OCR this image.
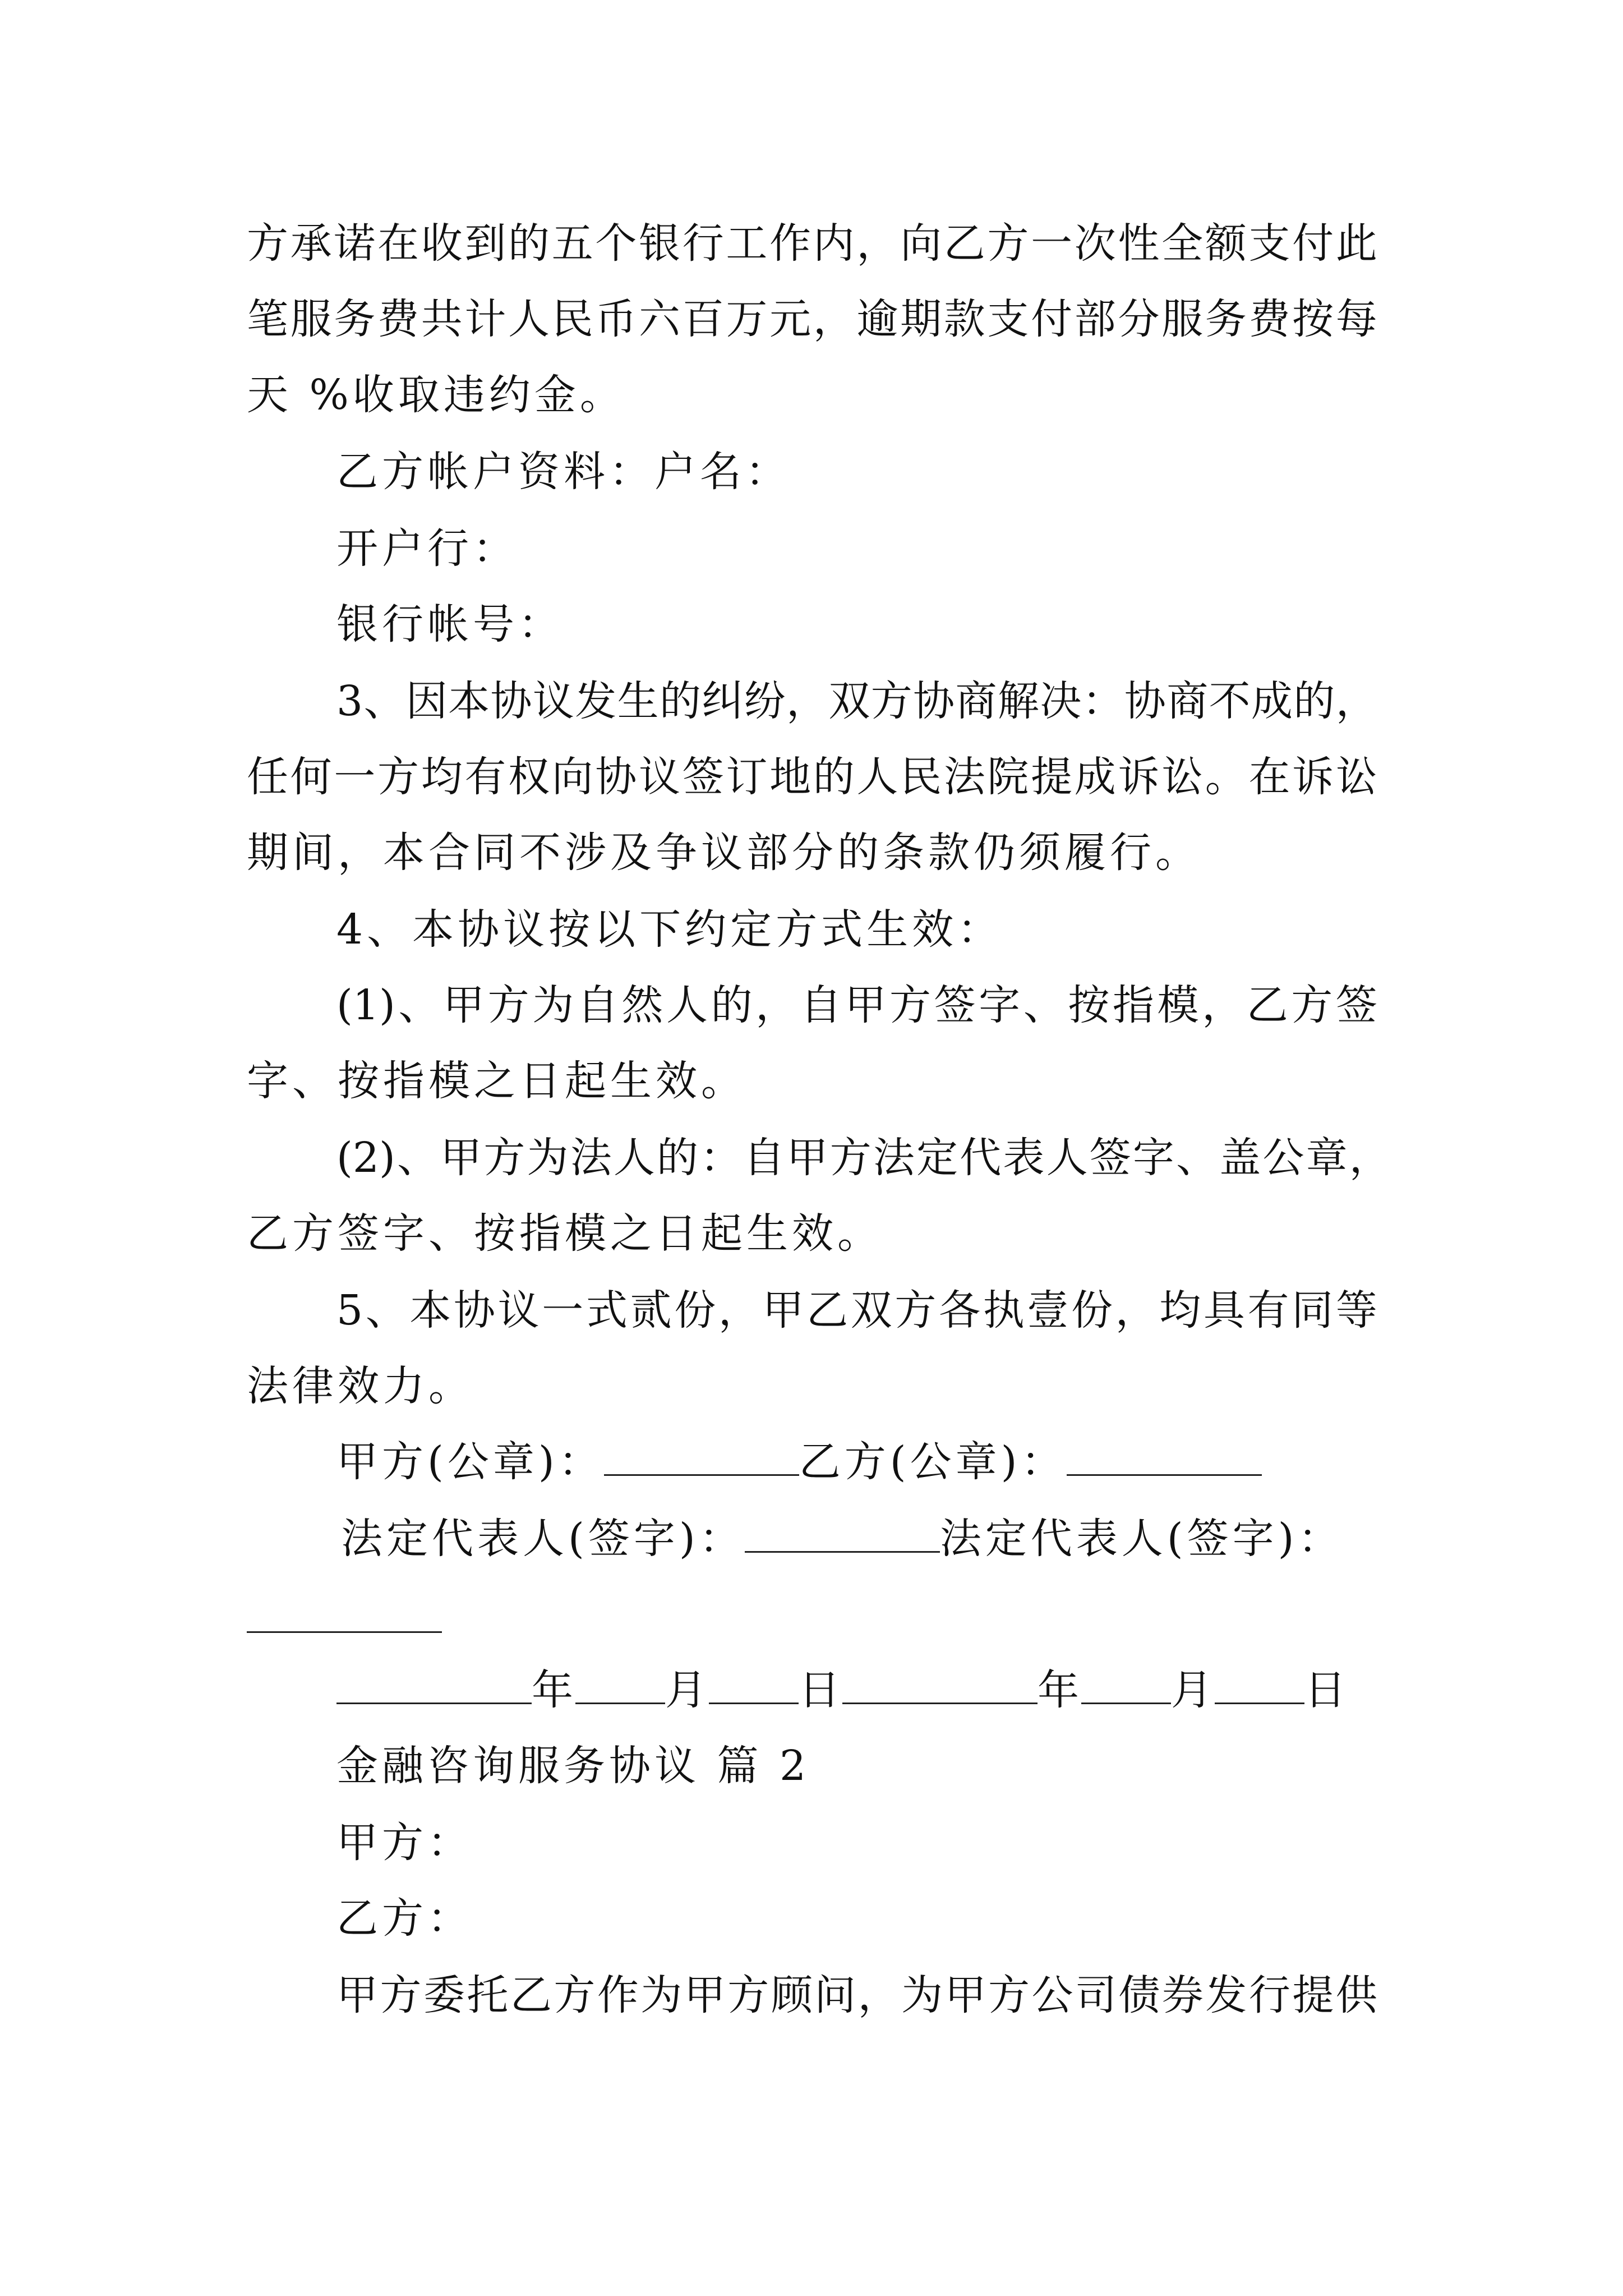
方 承 诺 在 收 到 的 五 个 银 行 工 作 内 ， 向 乙 方 一 次 性 全 额 支 付 此
笔 服 务 费 共 计 人 民 币 六 百 万 元 ， 逾 期 款 支 付 部 分 服 务 费 按 每
天 %收取违约金。
乙方帐户资料：户名：
开户行：
银行帐号：
3 、 因 本 协 议 发 生 的 纠 纷 ， 双 方 协 商 解 决 ： 协 商 不 成 的 ，
任 何 一 方 均 有 权 向 协 议 签 订 地 的 人 民 法 院 提 成 诉 讼 。 在 诉 讼
期间，本合同不涉及争议部分的条款仍须履行。
4、本协议按以下约定方式生效：
(1) 、 甲 方 为 自 然 人 的 ， 自 甲 方 签 字 、 按 指 模 ， 乙 方 签
字、按指模之日起生效。
(2) 、 甲 方 为 法 人 的 ： 自 甲 方 法 定 代 表 人 签 字 、 盖 公 章 ，
乙方签字、按指模之日起生效。
5 、 本 协 议 一 式 贰 份 ， 甲 乙 双 方 各 执 壹 份 ， 均 具 有 同 等
法律效力。
甲方(公章)：	乙方(公章)：
法定代表人(签字)：	法定代表人(签字)：
年 月 日	年 月 日
金融咨询服务协议 篇 2
甲方：
乙方：
甲 方 委 托 乙 方 作 为 甲 方 顾 问 ， 为 甲 方 公 司 债 券 发 行 提 供
